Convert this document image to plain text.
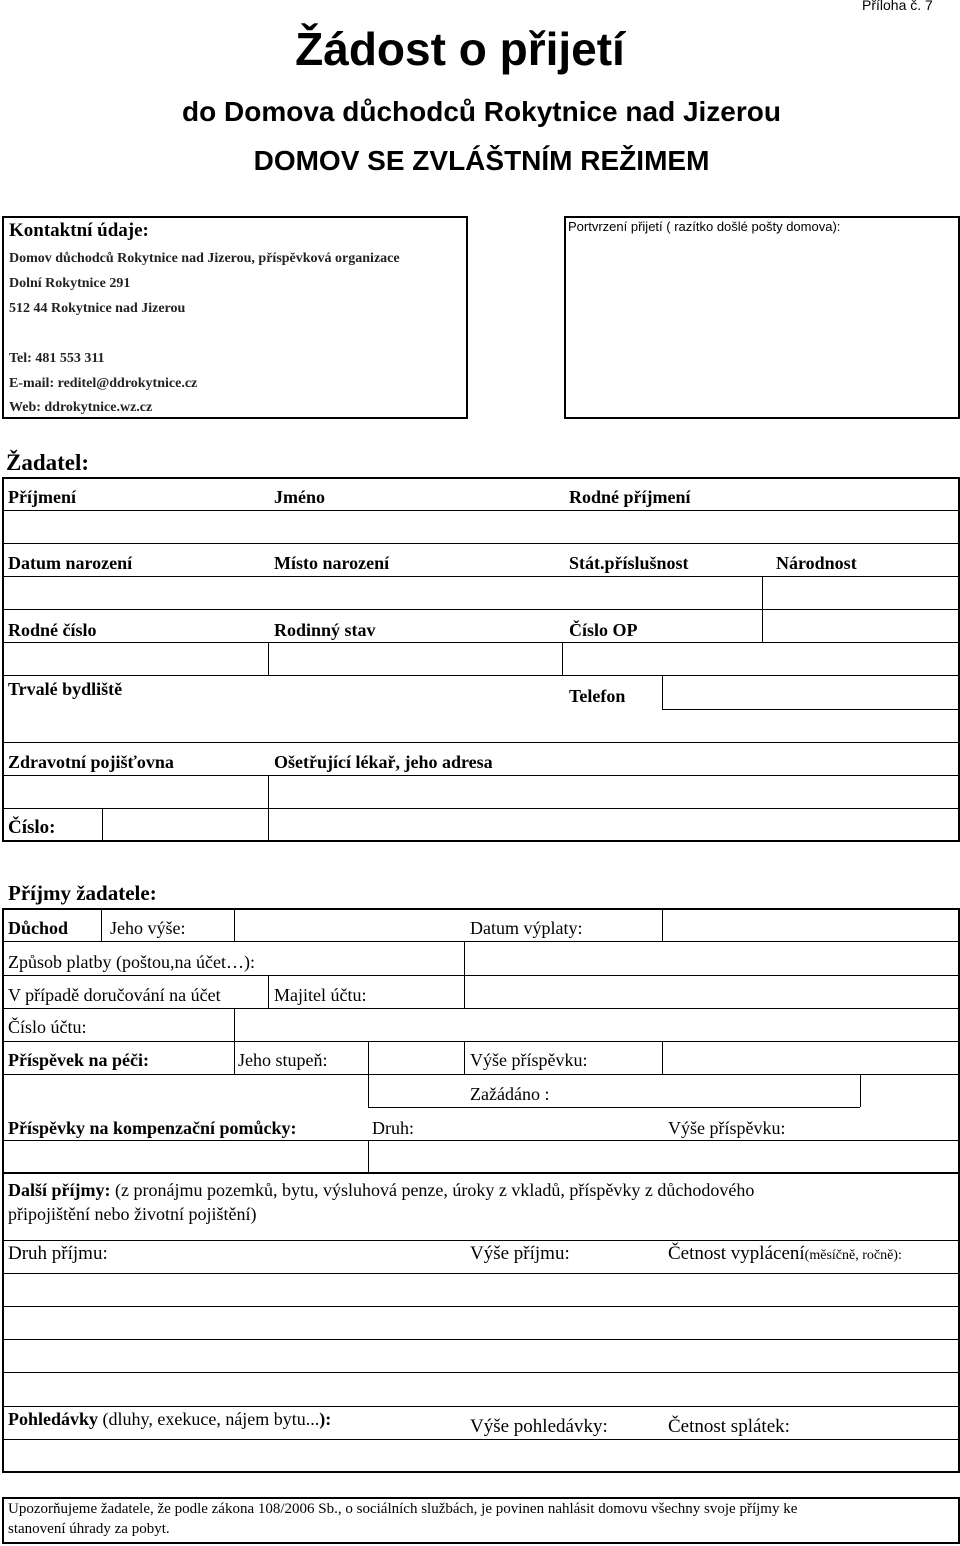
Příloha č. 7
Žádost o přijetí
do Domova důchodců Rokytnice nad Jizerou
DOMOV SE ZVLÁŠTNÍM REŽIMEM
Kontaktní údaje:
Domov důchodců Rokytnice nad Jizerou, příspěvková organizace
Dolní Rokytnice 291
512 44 Rokytnice nad Jizerou
Tel: 481 553 311
E-mail: reditel@ddrokytnice.cz
Web: ddrokytnice.wz.cz
Portvrzení přijetí ( razítko došlé pošty domova):
Žadatel:
Příjmení	Jméno	Rodné příjmení
Datum narození	Místo narození	Stát.příslušnost	Národnost
Rodné číslo	Rodinný stav	Číslo OP
Trvalé bydliště	Telefon
Zdravotní pojišťovna	Ošetřující lékař, jeho adresa
Číslo:
Příjmy žadatele:
Důchod Jeho výše:	Datum výplaty:
Způsob platby (poštou,na účet…):
V případě doručování na účet	Majitel účtu:
Číslo účtu:
Příspěvek na péči:	Jeho stupeň:	Výše příspěvku:
Zažádáno :
Příspěvky na kompenzační pomůcky:	Druh:	Výše příspěvku:
Další příjmy: (z pronájmu pozemků, bytu, výsluhová penze, úroky z vkladů, příspěvky z důchodového
připojištění nebo životní pojištění)
Druh příjmu:	Výše příjmu:	Četnost vyplácení(měsíčně, ročně):
Pohledávky (dluhy, exekuce, nájem bytu...):	Výše pohledávky:	Četnost splátek:
Upozorňujeme žadatele, že podle zákona 108/2006 Sb., o sociálních službách, je povinen nahlásit domovu všechny svoje příjmy ke
stanovení úhrady za pobyt.
